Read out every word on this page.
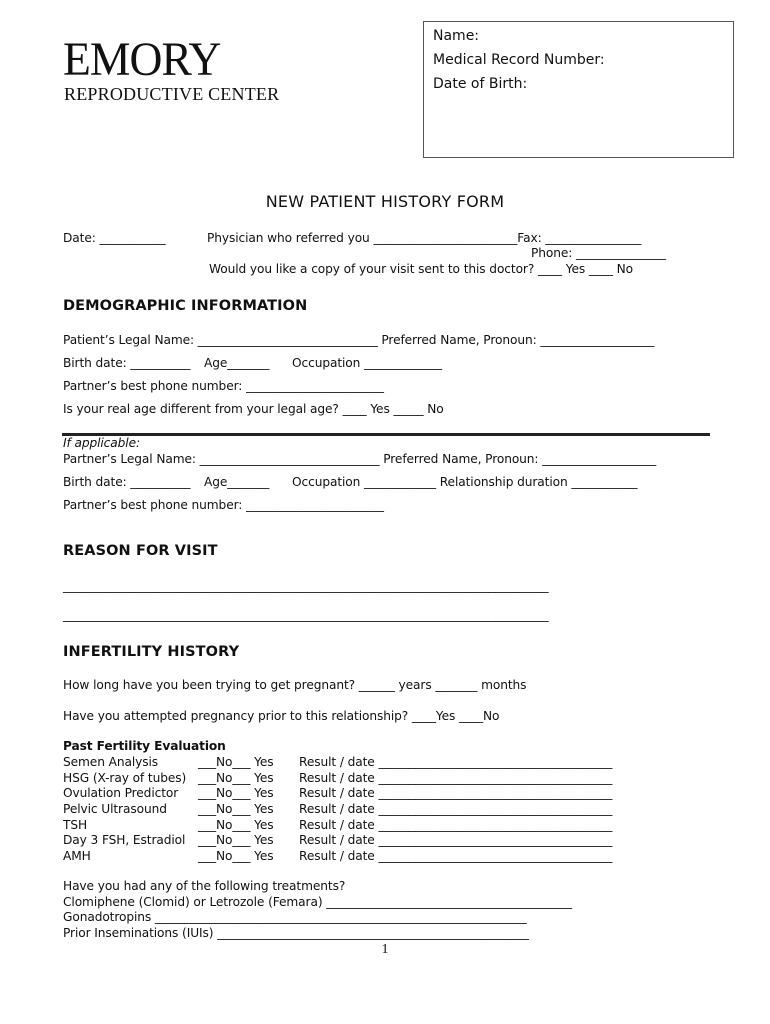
EMORY
REPRODUCTIVE CENTER
Name:
Medical Record Number:
Date of Birth:
NEW PATIENT HISTORY FORM
Date: ___________	Physician who referred you ________________________Fax: ________________
Phone: _______________
Would you like a copy of your visit sent to this doctor? ____ Yes ____ No
DEMOGRAPHIC INFORMATION
Patient’s Legal Name: ______________________________ Preferred Name, Pronoun: ___________________
Birth date: __________ Age_______ Occupation _____________
Partner’s best phone number: _______________________
Is your real age different from your legal age? ____ Yes _____ No
If applicable:
Partner’s Legal Name: ______________________________ Preferred Name, Pronoun: ___________________
Birth date: __________ Age_______ Occupation ____________ Relationship duration ___________
Partner’s best phone number: _______________________
REASON FOR VISIT
_________________________________________________________________________________
_________________________________________________________________________________
INFERTILITY HISTORY
How long have you been trying to get pregnant? ______ years _______ months
Have you attempted pregnancy prior to this relationship? ____Yes ____No
Past Fertility Evaluation
Semen Analysis	___No___ Yes Result / date _______________________________________
HSG (X-ray of tubes) ___No___ Yes Result / date _______________________________________
Ovulation Predictor ___No___ Yes Result / date _______________________________________
Pelvic Ultrasound	___No___ Yes Result / date _______________________________________
TSH	___No___ Yes Result / date _______________________________________
Day 3 FSH, Estradiol ___No___ Yes Result / date _______________________________________
AMH	___No___ Yes Result / date _______________________________________
Have you had any of the following treatments?
Clomiphene (Clomid) or Letrozole (Femara) _________________________________________
Gonadotropins ______________________________________________________________
Prior Inseminations (IUIs) ____________________________________________________
1
